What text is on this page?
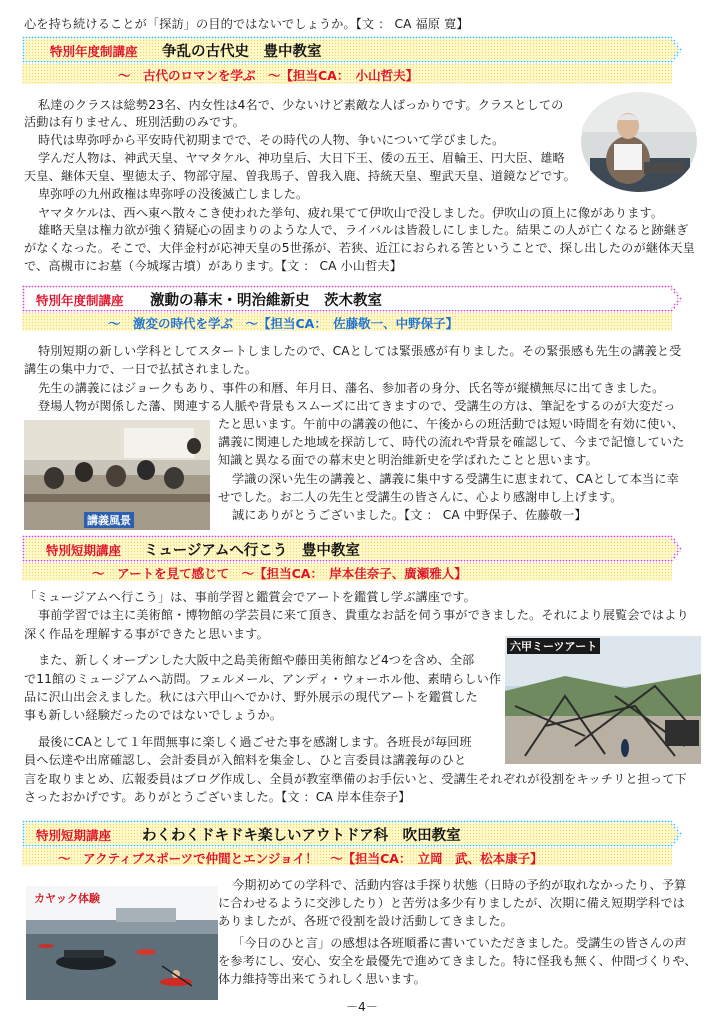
心を持ち続けることが「探訪」の目的ではないでしょうか。【文 ： CA 福原 寛】
特別年度制講座 争乱の古代史　豊中教室
～　古代のロマンを学ぶ　～【担当CA：　小山哲夫】
私達のクラスは総勢23名、内女性は4名で、少ないけど素敵な人ばっかりです。クラスとしての
活動は有りません、班別活動のみです。
時代は卑弥呼から平安時代初期までで、その時代の人物、争いについて学びました。
学んだ人物は、神武天皇、ヤマタケル、神功皇后、大日下王、倭の五王、眉輪王、円大臣、雄略
天皇、継体天皇、聖徳太子、物部守屋、曽我馬子、曽我入鹿、持統天皇、聖武天皇、道鏡などです。
卑弥呼の九州政権は卑弥呼の没後滅亡しました。
ヤマタケルは、西へ東へ散々こき使われた挙句、疲れ果てて伊吹山で没しました。伊吹山の頂上に像があります。
雄略天皇は権力欲が強く猜疑心の固まりのような人で、ライバルは皆殺しにしました。結果この人が亡くなると跡継ぎ
がなくなった。そこで、大伴金村が応神天皇の5世孫が、若狭、近江におられる筈ということで、探し出したのが継体天皇
で、高槻市にお墓（今城塚古墳）があります。【文 ： CA 小山哲夫】
特別年度制講座 激動の幕末・明治維新史　茨木教室
～　激変の時代を学ぶ　～【担当CA：　佐藤敬一、中野保子】
特別短期の新しい学科としてスタートしましたので、CAとしては緊張感が有りました。その緊張感も先生の講義と受
講生の集中力で、一日で払拭されました。
先生の講義にはジョークもあり、事件の和暦、年月日、藩名、参加者の身分、氏名等が縦横無尽に出てきました。
登場人物が関係した藩、関連する人脈や背景もスムーズに出てきますので、受講生の方は、筆記をするのが大変だっ
たと思います。午前中の講義の他に、午後からの班活動では短い時間を有効に使い、
講義に関連した地域を探訪して、時代の流れや背景を確認して、今まで記憶していた
知識と異なる面での幕末史と明治維新史を学ばれたことと思います。
学識の深い先生の講義と、講義に集中する受講生に恵まれて、CAとして本当に幸
せでした。お二人の先生と受講生の皆さんに、心より感謝申し上げます。
誠にありがとうございました。【文 ： CA 中野保子、佐藤敬一】
講義風景
特別短期講座 ミュージアムへ行こう　豊中教室
～　アートを見て感じて　～【担当CA：　岸本佳奈子、廣瀬雅人】
「ミュージアムへ行こう」は、事前学習と鑑賞会でアートを鑑賞し学ぶ講座です。
事前学習では主に美術館・博物館の学芸員に来て頂き、貴重なお話を伺う事ができました。それにより展覧会ではより
深く作品を理解する事ができたと思います。
また、新しくオープンした大阪中之島美術館や藤田美術館など4つを含め、全部
で11館のミュージアムへ訪問。フェルメール、アンディ・ウォーホル他、素晴らしい作
品に沢山出会えました。秋には六甲山へでかけ、野外展示の現代アートを鑑賞した
事も新しい経験だったのではないでしょうか。
最後にCAとして１年間無事に楽しく過ごせた事を感謝します。各班長が毎回班
員へ伝達や出席確認し、会計委員が入館料を集金し、ひと言委員は講義毎のひと
言を取りまとめ、広報委員はブログ作成し、全員が教室準備のお手伝いと、受講生それぞれが役割をキッチリと担って下
さったおかげです。ありがとうございました。【文 ：CA 岸本佳奈子】
六甲ミーツアート
特別短期講座 わくわくドキドキ楽しいアウトドア科　吹田教室
～　アクティブスポーツで仲間とエンジョイ！　～【担当CA：　立岡　武、松本康子】
カヤック体験
今期初めての学科で、活動内容は手探り状態（日時の予約が取れなかったり、予算
に合わせるように交渉したり）と苦労は多少有りましたが、次期に備え短期学科では
ありましたが、各班で役割を設け活動してきました。
「今日のひと言」の感想は各班順番に書いていただきました。受講生の皆さんの声
を参考にし、安心、安全を最優先で進めてきました。特に怪我も無く、仲間づくりや、
体力維持等出来てうれしく思います。
－4－
